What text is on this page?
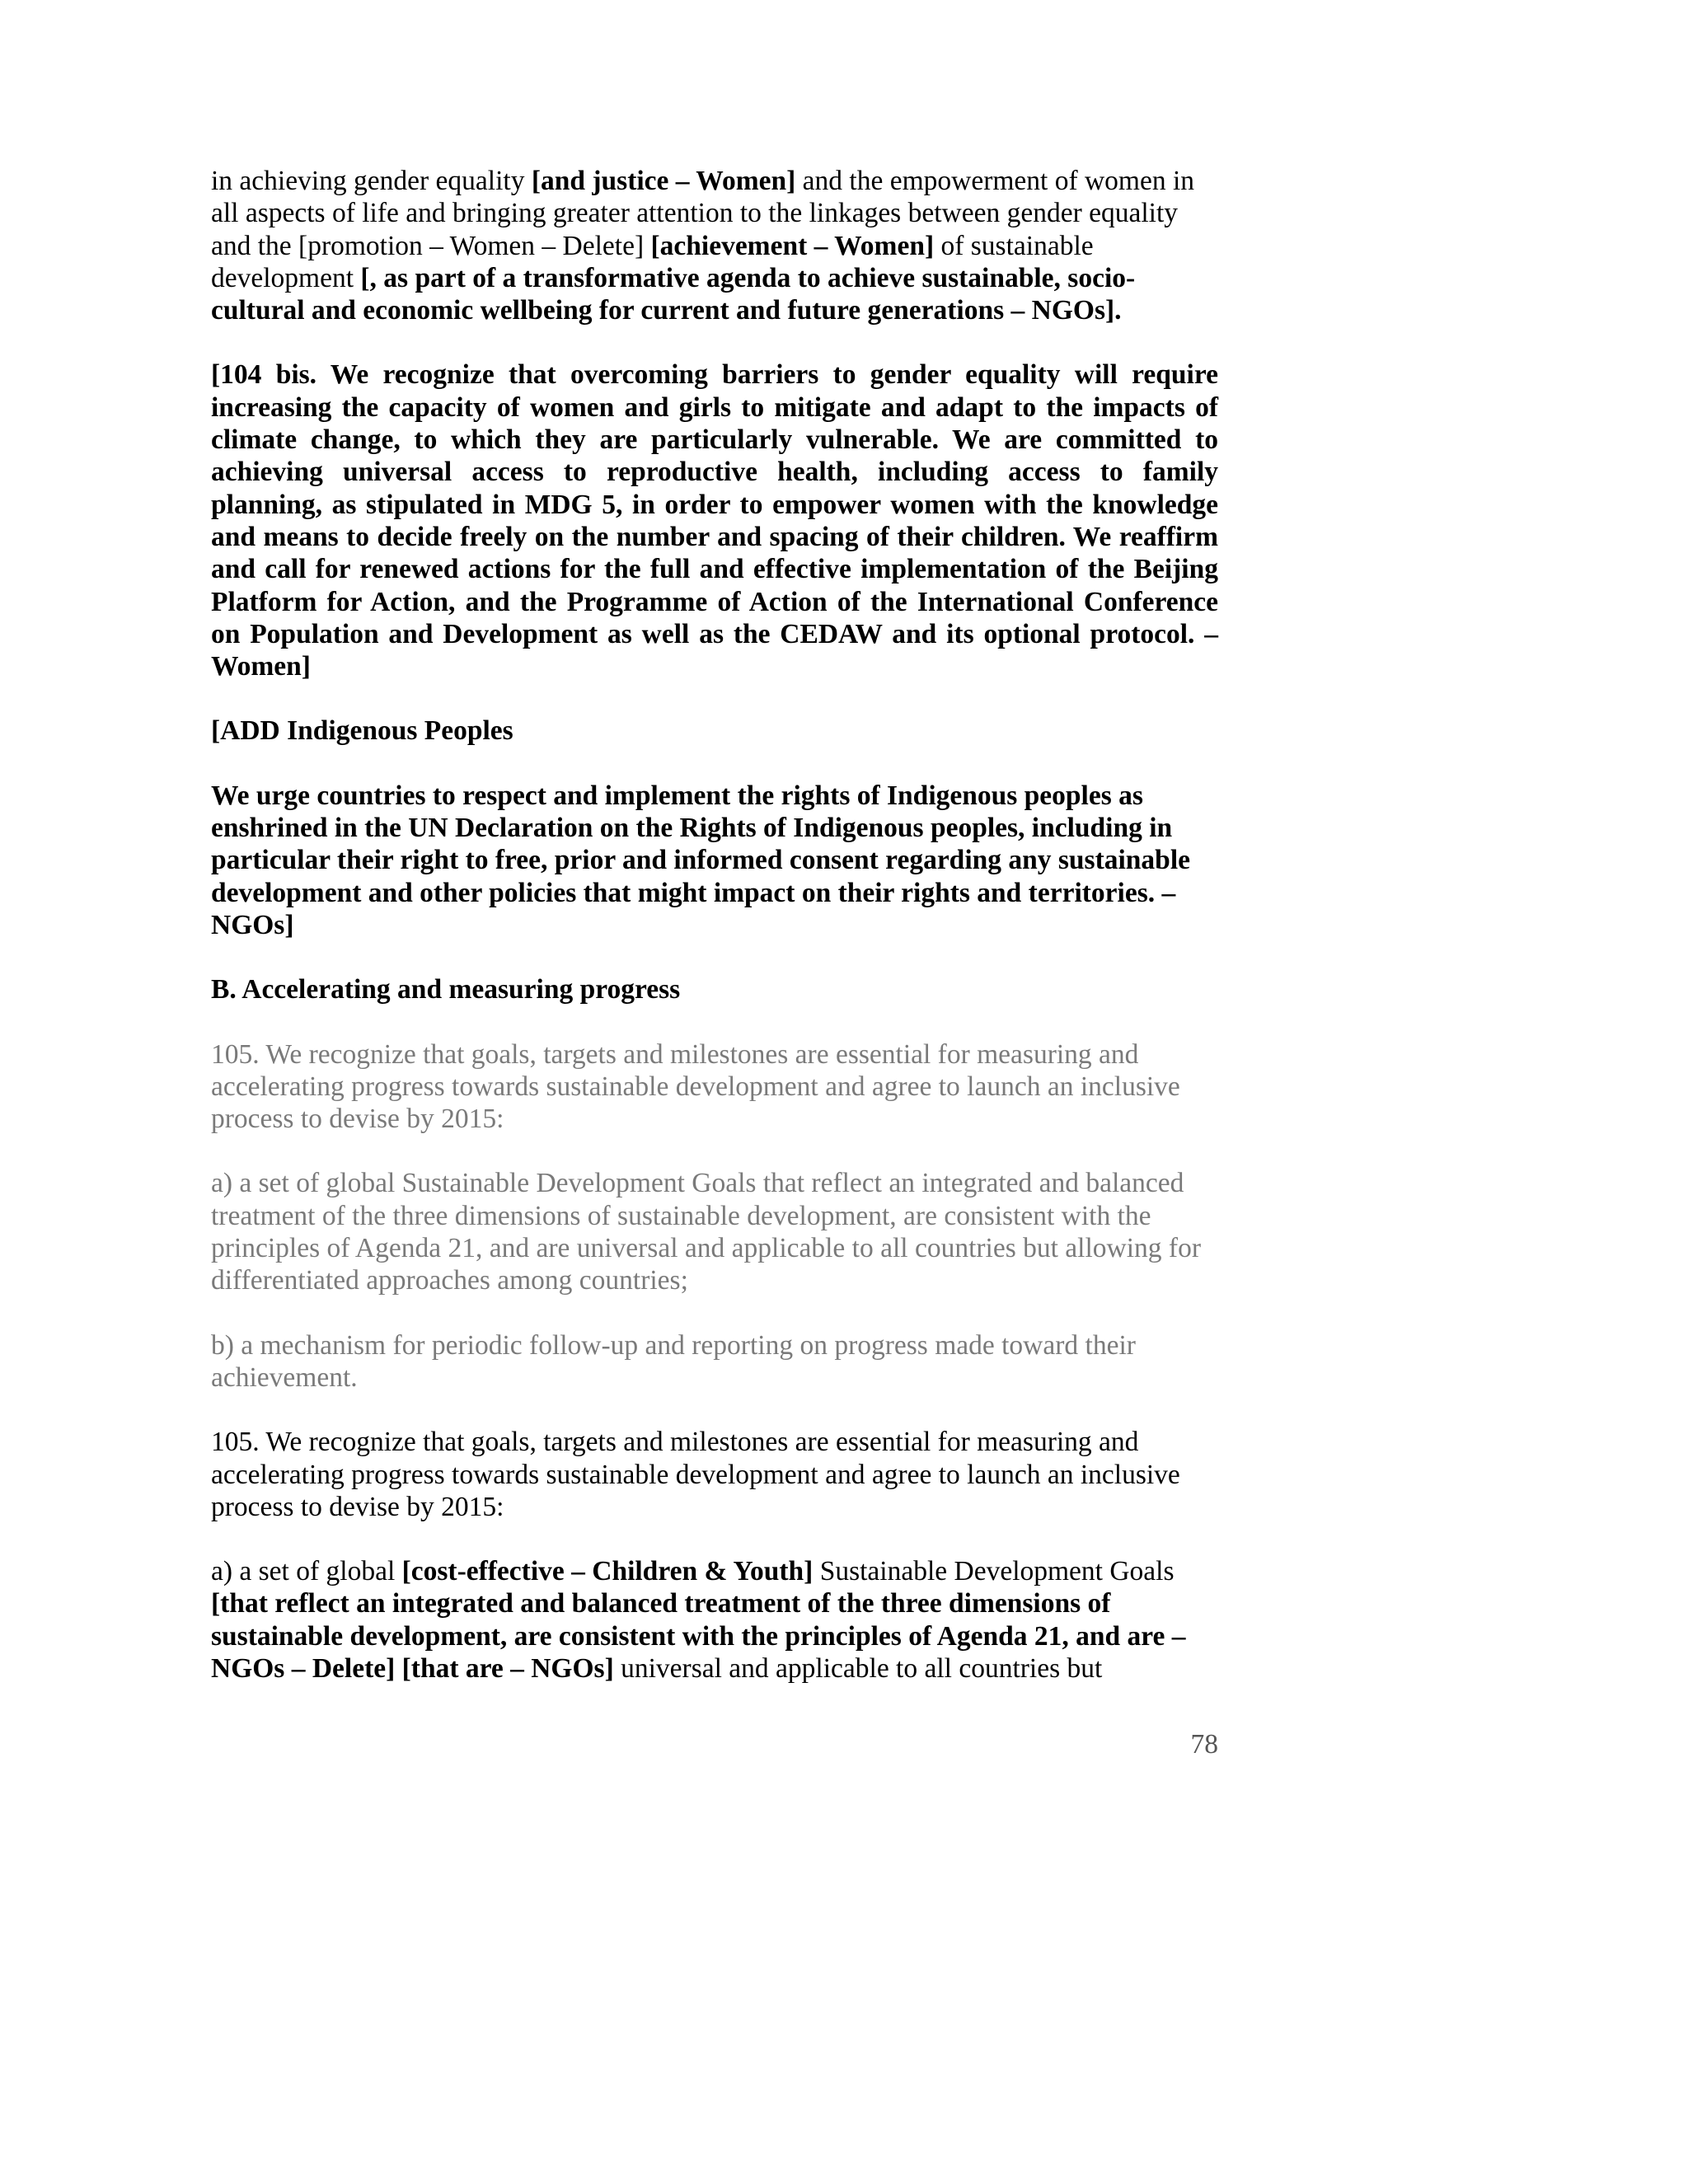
in achieving gender equality [and justice – Women] and the empowerment of women in all aspects of life and bringing greater attention to the linkages between gender equality and the [promotion – Women – Delete] [achievement – Women] of sustainable development [, as part of a transformative agenda to achieve sustainable, socio-cultural and economic wellbeing for current and future generations – NGOs].

[104 bis. We recognize that overcoming barriers to gender equality will require increasing the capacity of women and girls to mitigate and adapt to the impacts of climate change, to which they are particularly vulnerable. We are committed to achieving universal access to reproductive health, including access to family planning, as stipulated in MDG 5, in order to empower women with the knowledge and means to decide freely on the number and spacing of their children. We reaffirm and call for renewed actions for the full and effective implementation of the Beijing Platform for Action, and the Programme of Action of the International Conference on Population and Development as well as the CEDAW and its optional protocol. – Women]

[ADD Indigenous Peoples

We urge countries to respect and implement the rights of Indigenous peoples as enshrined in the UN Declaration on the Rights of Indigenous peoples, including in particular their right to free, prior and informed consent regarding any sustainable development and other policies that might impact on their rights and territories. – NGOs]

B. Accelerating and measuring progress

105. We recognize that goals, targets and milestones are essential for measuring and accelerating progress towards sustainable development and agree to launch an inclusive process to devise by 2015:

a) a set of global Sustainable Development Goals that reflect an integrated and balanced treatment of the three dimensions of sustainable development, are consistent with the principles of Agenda 21, and are universal and applicable to all countries but allowing for differentiated approaches among countries;

b) a mechanism for periodic follow-up and reporting on progress made toward their achievement.

105. We recognize that goals, targets and milestones are essential for measuring and accelerating progress towards sustainable development and agree to launch an inclusive process to devise by 2015:

a) a set of global [cost-effective – Children & Youth] Sustainable Development Goals [that reflect an integrated and balanced treatment of the three dimensions of sustainable development, are consistent with the principles of Agenda 21, and are – NGOs – Delete] [that are – NGOs] universal and applicable to all countries but

78
